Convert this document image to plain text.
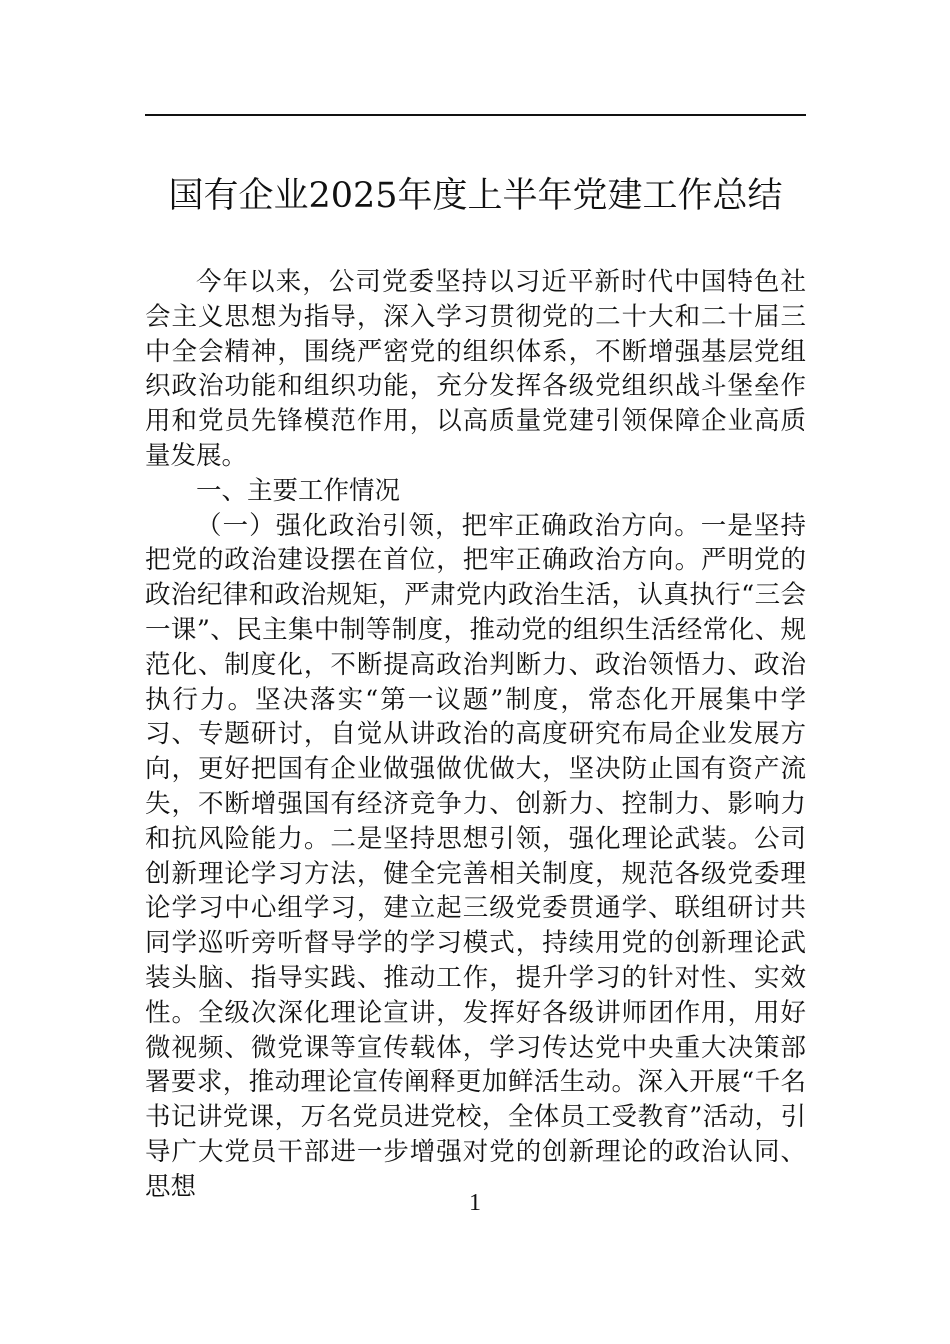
国有企业2025年度上半年党建工作总结

今年以来，公司党委坚持以习近平新时代中国特色社会主义思想为指导，深入学习贯彻党的二十大和二十届三中全会精神，围绕严密党的组织体系，不断增强基层党组织政治功能和组织功能，充分发挥各级党组织战斗堡垒作用和党员先锋模范作用，以高质量党建引领保障企业高质量发展。

一、主要工作情况

（一）强化政治引领，把牢正确政治方向。一是坚持把党的政治建设摆在首位，把牢正确政治方向。严明党的政治纪律和政治规矩，严肃党内政治生活，认真执行“三会一课”、民主集中制等制度，推动党的组织生活经常化、规范化、制度化，不断提高政治判断力、政治领悟力、政治执行力。坚决落实“第一议题”制度，常态化开展集中学习、专题研讨，自觉从讲政治的高度研究布局企业发展方向，更好把国有企业做强做优做大，坚决防止国有资产流失，不断增强国有经济竞争力、创新力、控制力、影响力和抗风险能力。二是坚持思想引领，强化理论武装。公司创新理论学习方法，健全完善相关制度，规范各级党委理论学习中心组学习，建立起三级党委贯通学、联组研讨共同学巡听旁听督导学的学习模式，持续用党的创新理论武装头脑、指导实践、推动工作，提升学习的针对性、实效性。全级次深化理论宣讲，发挥好各级讲师团作用，用好微视频、微党课等宣传载体，学习传达党中央重大决策部署要求，推动理论宣传阐释更加鲜活生动。深入开展“千名书记讲党课，万名党员进党校，全体员工受教育”活动，引导广大党员干部进一步增强对党的创新理论的政治认同、思想

1
